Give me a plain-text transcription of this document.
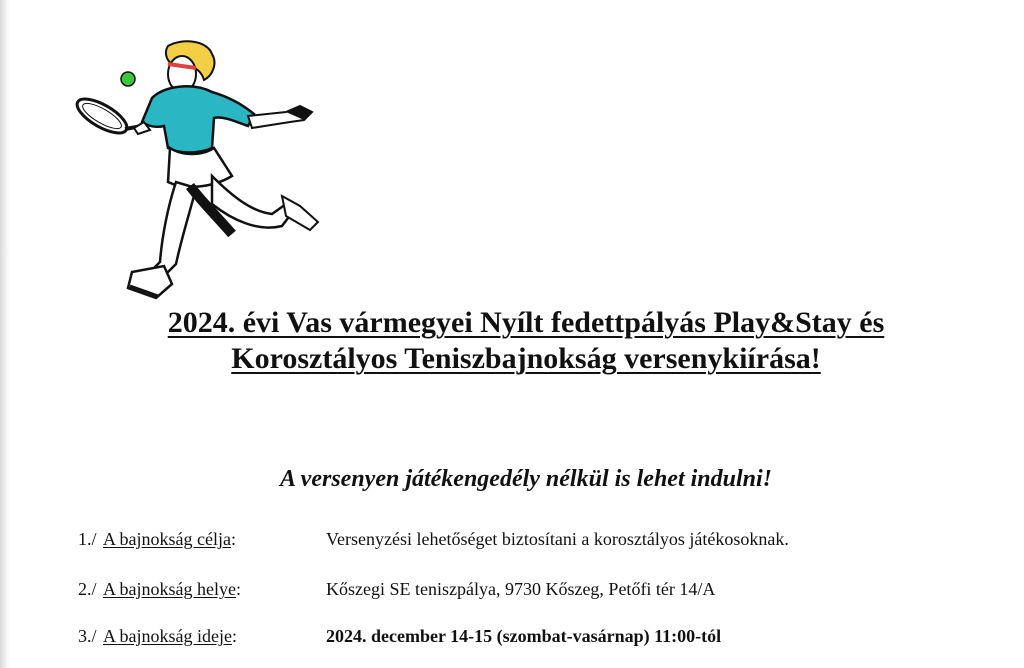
2024. évi Vas vármegyei Nyílt fedettpályás Play&Stay és
Korosztályos Teniszbajnokság versenykiírása!
A versenyen játékengedély nélkül is lehet indulni!
1./ A bajnokság célja:	Versenyzési lehetőséget biztosítani a korosztályos játékosoknak.
2./ A bajnokság helye:	Kőszegi SE teniszpálya, 9730 Kőszeg, Petőfi tér 14/A
3./ A bajnokság ideje:	2024. december 14-15 (szombat-vasárnap) 11:00-tól
